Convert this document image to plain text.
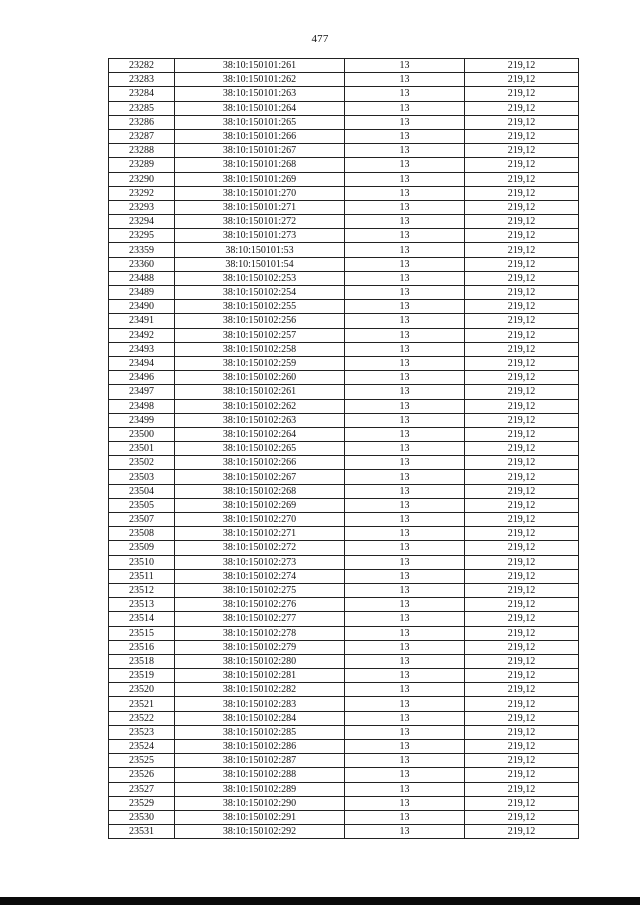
477
23282	38:10:150101:261	13	219,12
23283	38:10:150101:262	13	219,12
23284	38:10:150101:263	13	219,12
23285	38:10:150101:264	13	219,12
23286	38:10:150101:265	13	219,12
23287	38:10:150101:266	13	219,12
23288	38:10:150101:267	13	219,12
23289	38:10:150101:268	13	219,12
23290	38:10:150101:269	13	219,12
23292	38:10:150101:270	13	219,12
23293	38:10:150101:271	13	219,12
23294	38:10:150101:272	13	219,12
23295	38:10:150101:273	13	219,12
23359	38:10:150101:53	13	219,12
23360	38:10:150101:54	13	219,12
23488	38:10:150102:253	13	219,12
23489	38:10:150102:254	13	219,12
23490	38:10:150102:255	13	219,12
23491	38:10:150102:256	13	219,12
23492	38:10:150102:257	13	219,12
23493	38:10:150102:258	13	219,12
23494	38:10:150102:259	13	219,12
23496	38:10:150102:260	13	219,12
23497	38:10:150102:261	13	219,12
23498	38:10:150102:262	13	219,12
23499	38:10:150102:263	13	219,12
23500	38:10:150102:264	13	219,12
23501	38:10:150102:265	13	219,12
23502	38:10:150102:266	13	219,12
23503	38:10:150102:267	13	219,12
23504	38:10:150102:268	13	219,12
23505	38:10:150102:269	13	219,12
23507	38:10:150102:270	13	219,12
23508	38:10:150102:271	13	219,12
23509	38:10:150102:272	13	219,12
23510	38:10:150102:273	13	219,12
23511	38:10:150102:274	13	219,12
23512	38:10:150102:275	13	219,12
23513	38:10:150102:276	13	219,12
23514	38:10:150102:277	13	219,12
23515	38:10:150102:278	13	219,12
23516	38:10:150102:279	13	219,12
23518	38:10:150102:280	13	219,12
23519	38:10:150102:281	13	219,12
23520	38:10:150102:282	13	219,12
23521	38:10:150102:283	13	219,12
23522	38:10:150102:284	13	219,12
23523	38:10:150102:285	13	219,12
23524	38:10:150102:286	13	219,12
23525	38:10:150102:287	13	219,12
23526	38:10:150102:288	13	219,12
23527	38:10:150102:289	13	219,12
23529	38:10:150102:290	13	219,12
23530	38:10:150102:291	13	219,12
23531	38:10:150102:292	13	219,12
